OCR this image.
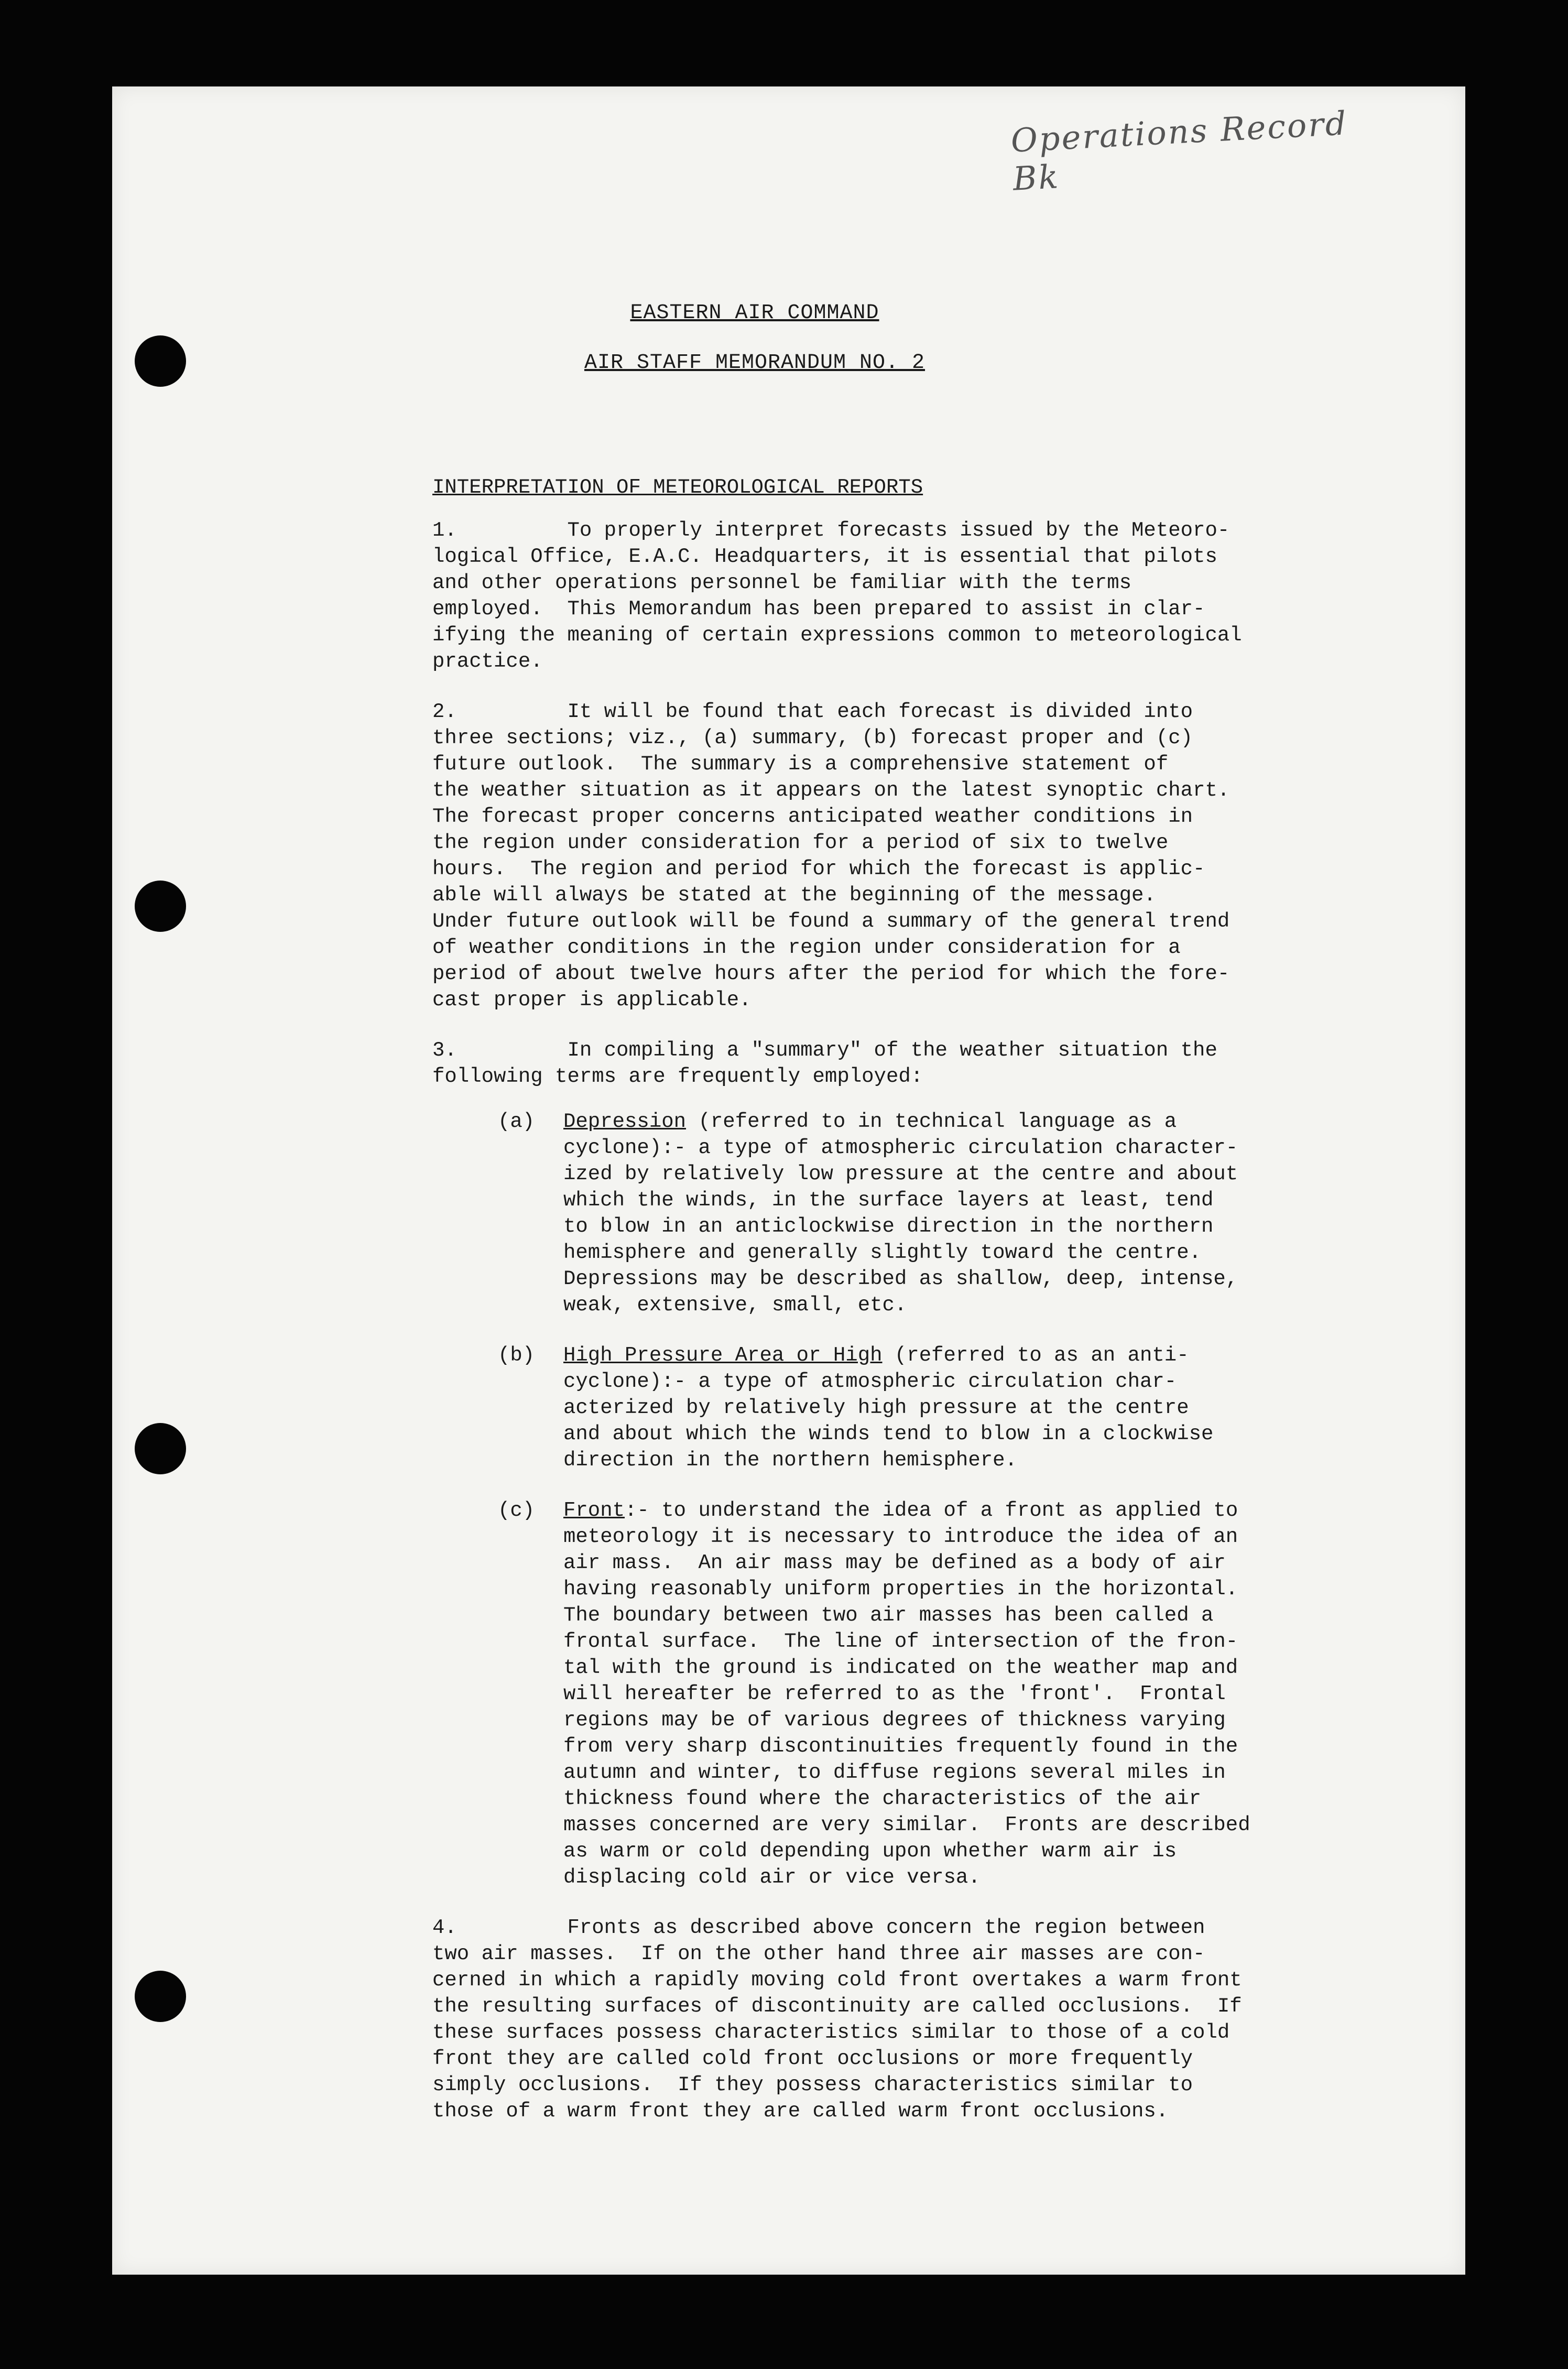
Operations Record Bk
EASTERN AIR COMMAND
AIR STAFF MEMORANDUM NO. 2
INTERPRETATION OF METEOROLOGICAL REPORTS
1.         To properly interpret forecasts issued by the Meteoro-
logical Office, E.A.C. Headquarters, it is essential that pilots
and other operations personnel be familiar with the terms
employed.  This Memorandum has been prepared to assist in clar-
ifying the meaning of certain expressions common to meteorological
practice.
2.         It will be found that each forecast is divided into
three sections; viz., (a) summary, (b) forecast proper and (c)
future outlook.  The summary is a comprehensive statement of
the weather situation as it appears on the latest synoptic chart.
The forecast proper concerns anticipated weather conditions in
the region under consideration for a period of six to twelve
hours.  The region and period for which the forecast is applic-
able will always be stated at the beginning of the message.
Under future outlook will be found a summary of the general trend
of weather conditions in the region under consideration for a
period of about twelve hours after the period for which the fore-
cast proper is applicable.
3.         In compiling a "summary" of the weather situation the
following terms are frequently employed:
(a)	Depression (referred to in technical language as a
cyclone):- a type of atmospheric circulation character-
ized by relatively low pressure at the centre and about
which the winds, in the surface layers at least, tend
to blow in an anticlockwise direction in the northern
hemisphere and generally slightly toward the centre.
Depressions may be described as shallow, deep, intense,
weak, extensive, small, etc.
(b)	High Pressure Area or High (referred to as an anti-
cyclone):- a type of atmospheric circulation char-
acterized by relatively high pressure at the centre
and about which the winds tend to blow in a clockwise
direction in the northern hemisphere.
(c)	Front:- to understand the idea of a front as applied to
meteorology it is necessary to introduce the idea of an
air mass.  An air mass may be defined as a body of air
having reasonably uniform properties in the horizontal.
The boundary between two air masses has been called a
frontal surface.  The line of intersection of the fron-
tal with the ground is indicated on the weather map and
will hereafter be referred to as the 'front'.  Frontal
regions may be of various degrees of thickness varying
from very sharp discontinuities frequently found in the
autumn and winter, to diffuse regions several miles in
thickness found where the characteristics of the air
masses concerned are very similar.  Fronts are described
as warm or cold depending upon whether warm air is
displacing cold air or vice versa.
4.         Fronts as described above concern the region between
two air masses.  If on the other hand three air masses are con-
cerned in which a rapidly moving cold front overtakes a warm front
the resulting surfaces of discontinuity are called occlusions.  If
these surfaces possess characteristics similar to those of a cold
front they are called cold front occlusions or more frequently
simply occlusions.  If they possess characteristics similar to
those of a warm front they are called warm front occlusions.
